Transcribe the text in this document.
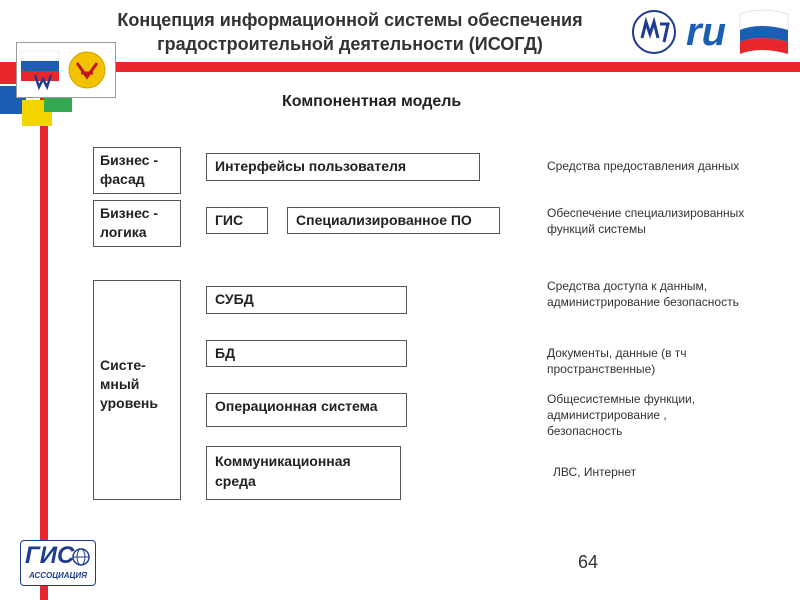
Концепция информационной системы обеспечения
градостроительной деятельности (ИСОГД)	ru
Компонентная модель
Бизнес - фасад
Бизнес - логика

Систе-
мный
уровень

Интерфейсы пользователя
ГИС	Специализированное ПО
СУБД
БД
Операционная система
Коммуникационная среда
Средства предоставления данных
Обеспечение специализированных функций системы
Средства доступа к данным, администрирование безопасность
Документы, данные (в тч пространственные)
Общесистемные функции, администрирование , безопасность
ЛВС, Интернет
ГИС
АССОЦИАЦИЯ
64
